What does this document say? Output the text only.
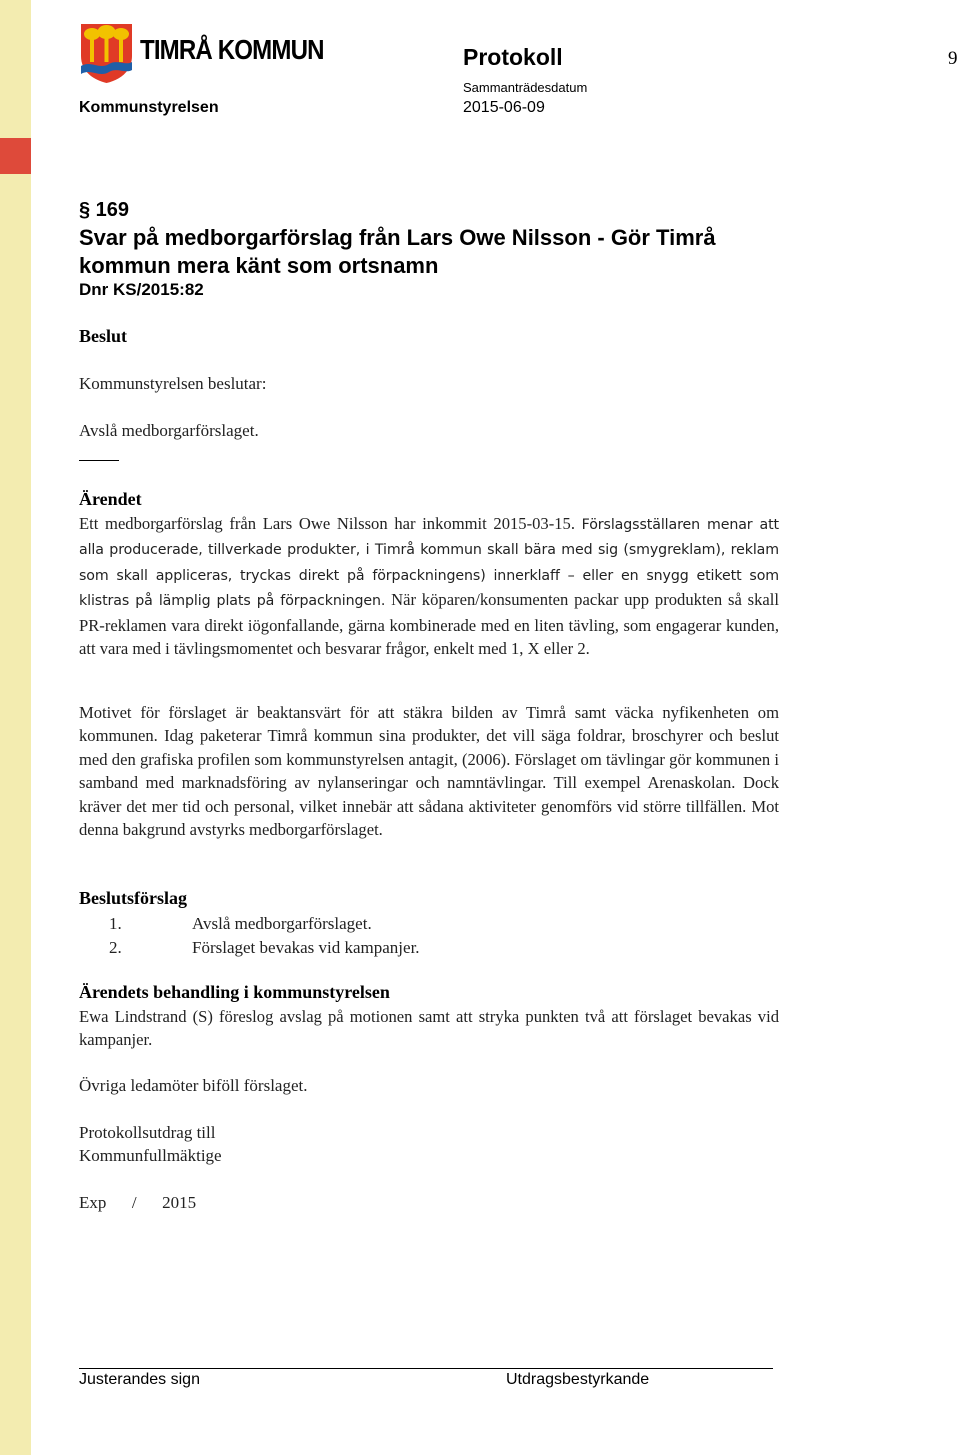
TIMRÅ KOMMUN	Protokoll	9
Kommunstyrelsen
Sammanträdesdatum
2015-06-09
§ 169
Svar på medborgarförslag från Lars Owe Nilsson - Gör Timrå kommun mera känt som ortsnamn
Dnr KS/2015:82
Beslut
Kommunstyrelsen beslutar:
Avslå medborgarförslaget.
Ärendet

Ett medborgarförslag från Lars Owe Nilsson har inkommit 2015-03-15. Förslagsställaren menar att alla producerade, tillverkade produkter, i Timrå kommun skall bära med sig (smygreklam), reklam som skall appliceras, tryckas direkt på förpackningens) innerklaff – eller en snygg etikett som klistras på lämplig plats på förpackningen. När köparen/konsumenten packar upp produkten så skall PR-reklamen vara direkt iögonfallande, gärna kombinerade med en liten tävling, som engagerar kunden, att vara med i tävlingsmomentet och besvarar frågor, enkelt med 1, X eller 2.

Motivet för förslaget är beaktansvärt för att stäkra bilden av Timrå samt väcka nyfikenheten om kommunen. Idag paketerar Timrå kommun sina produkter, det vill säga foldrar, broschyrer och beslut med den grafiska profilen som kommunstyrelsen antagit, (2006). Förslaget om tävlingar gör kommunen i samband med marknadsföring av nylanseringar och namntävlingar. Till exempel Arenaskolan. Dock kräver det mer tid och personal, vilket innebär att sådana aktiviteter genomförs vid större tillfällen. Mot denna bakgrund avstyrks medborgarförslaget.

Beslutsförslag
1.	Avslå medborgarförslaget.
2.	Förslaget bevakas vid kampanjer.
Ärendets behandling i kommunstyrelsen

Ewa Lindstrand (S) föreslog avslag på motionen samt att stryka punkten två att förslaget bevakas vid kampanjer.

Övriga ledamöter biföll förslaget.
Protokollsutdrag till
Kommunfullmäktige
Exp      /      2015
Justerandes sign	Utdragsbestyrkande
